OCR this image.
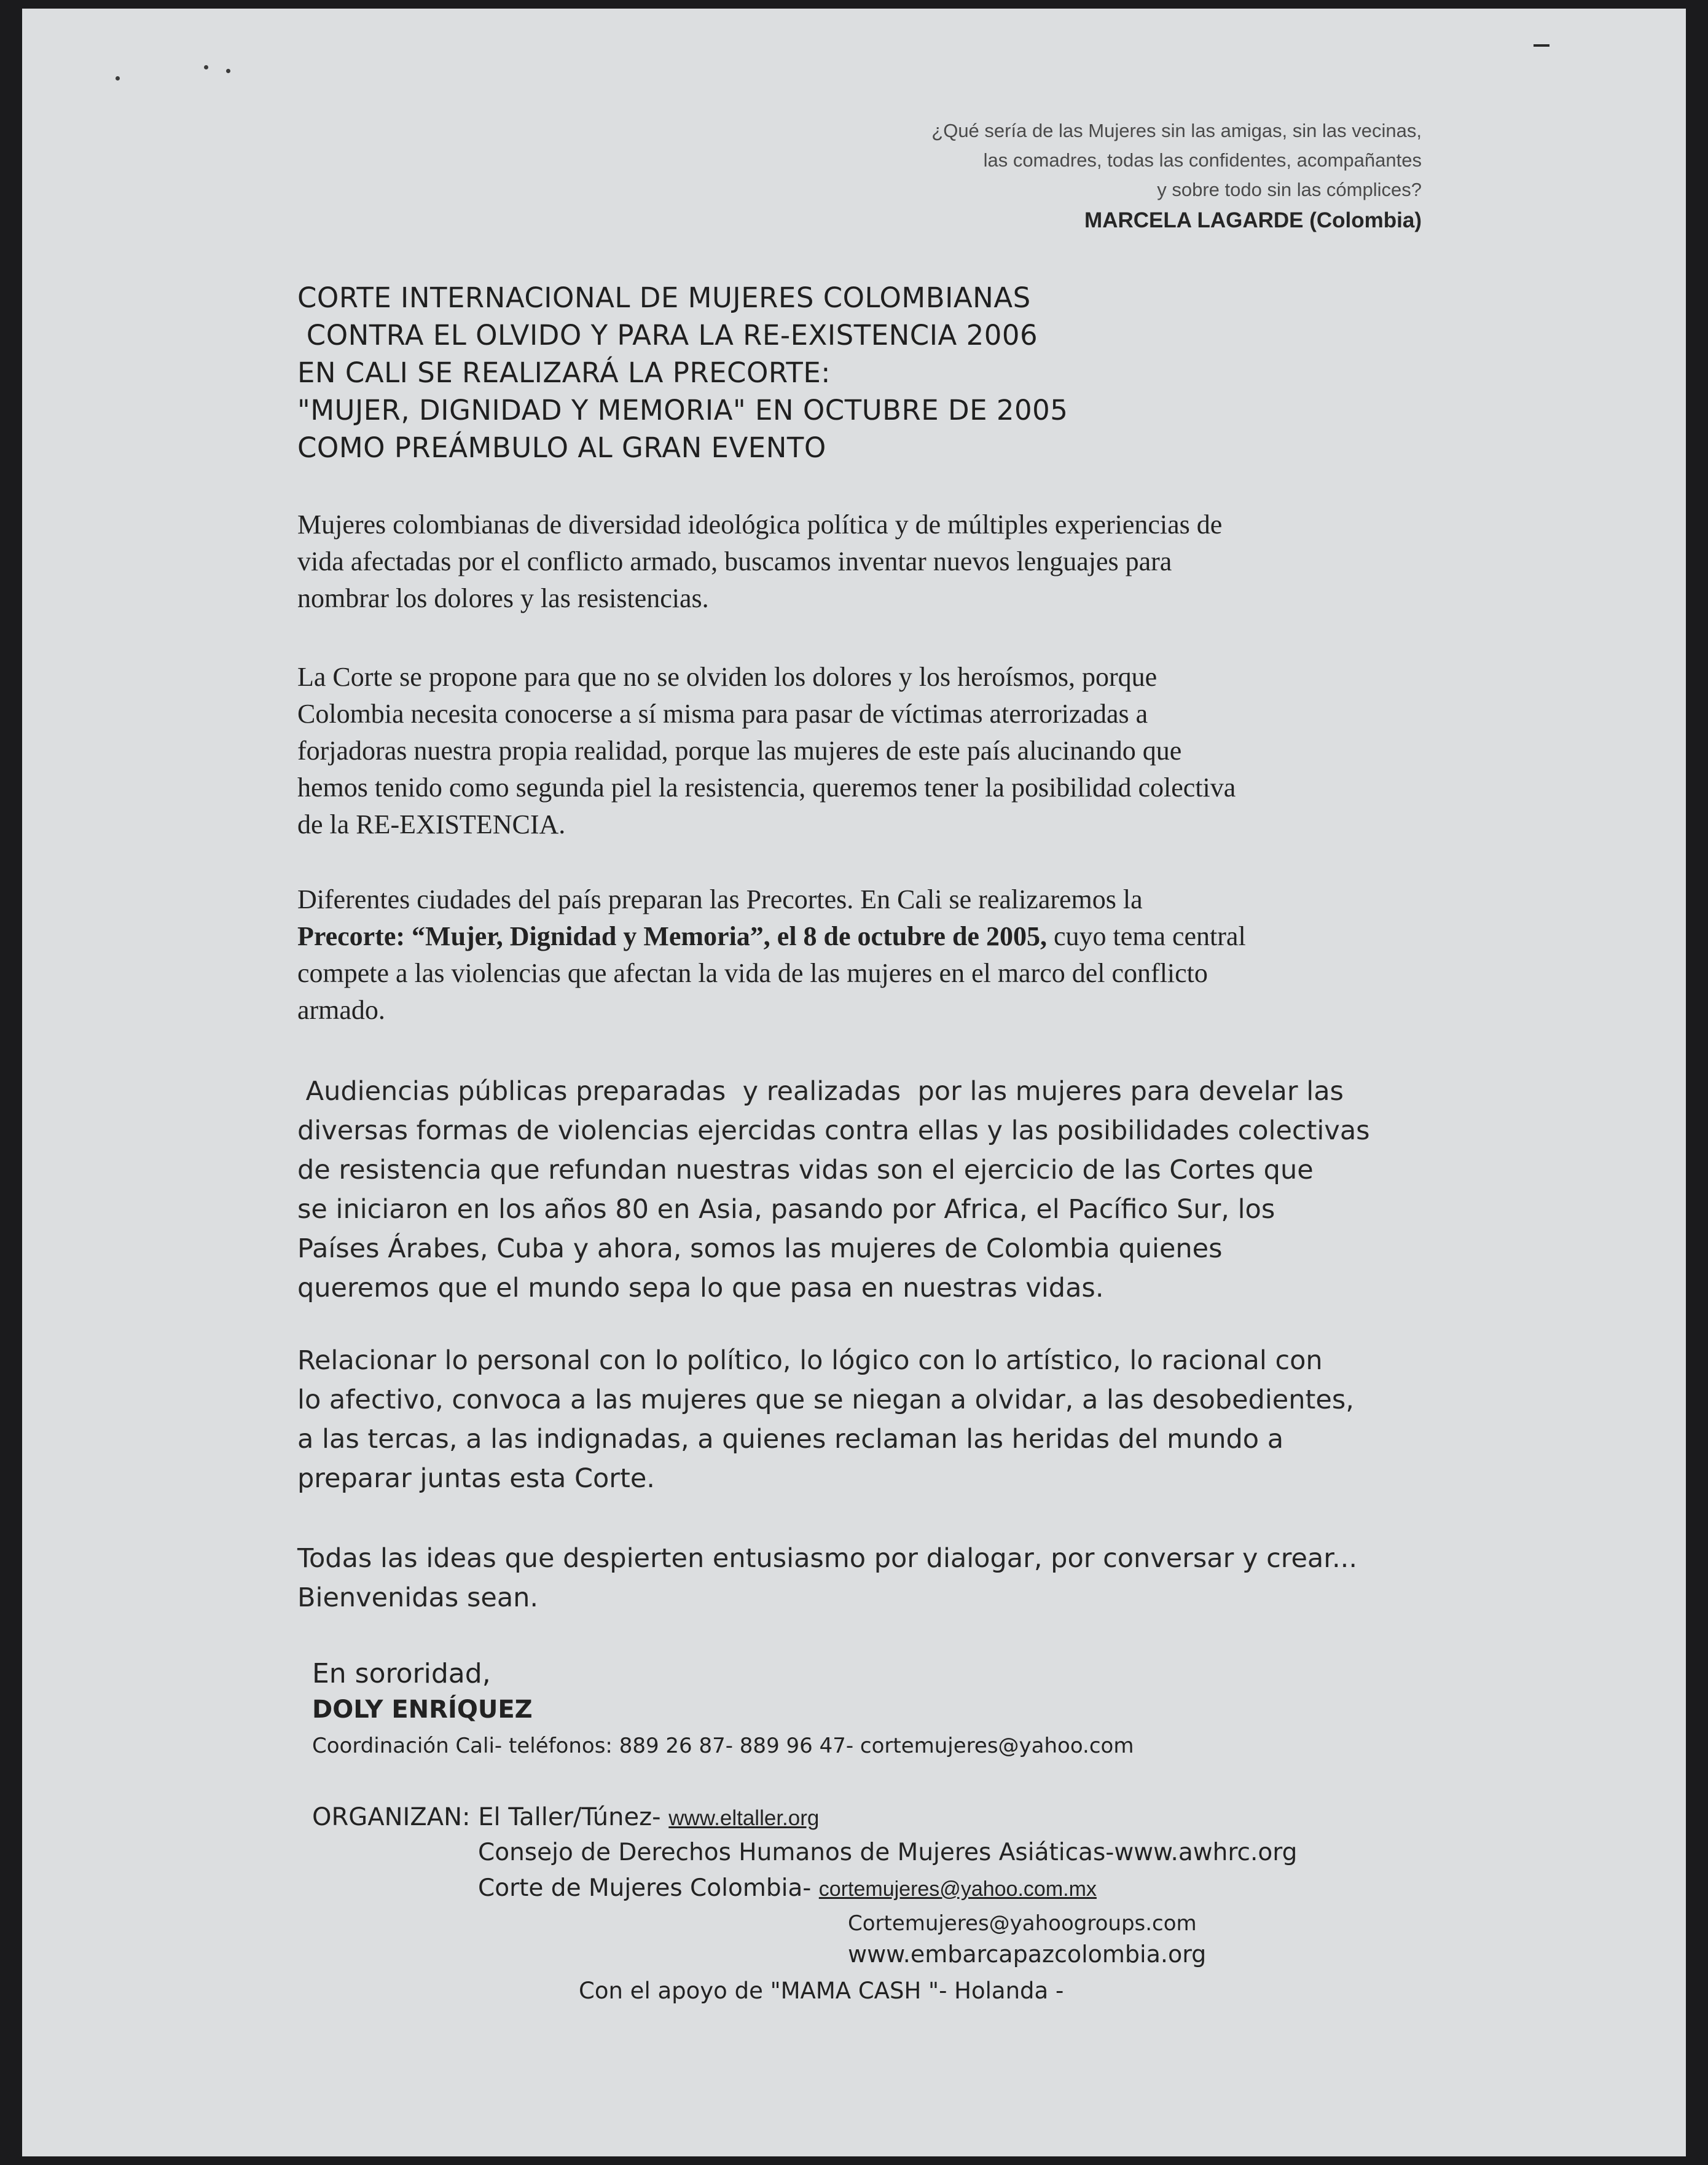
¿Qué sería de las Mujeres sin las amigas, sin las vecinas,
las comadres, todas las confidentes, acompañantes
y sobre todo sin las cómplices?
MARCELA LAGARDE (Colombia)
CORTE INTERNACIONAL DE MUJERES COLOMBIANAS
CONTRA EL OLVIDO Y PARA LA RE-EXISTENCIA 2006
EN CALI SE REALIZARÁ LA PRECORTE:
"MUJER, DIGNIDAD Y MEMORIA" EN OCTUBRE DE 2005
COMO PREÁMBULO AL GRAN EVENTO
Mujeres colombianas de diversidad ideológica política y de múltiples experiencias de
vida afectadas por el conflicto armado, buscamos inventar nuevos lenguajes para
nombrar los dolores y las resistencias.
La Corte se propone para que no se olviden los dolores y los heroísmos, porque
Colombia necesita conocerse a sí misma para pasar de víctimas aterrorizadas a
forjadoras nuestra propia realidad, porque las mujeres de este país alucinando que
hemos tenido como segunda piel la resistencia, queremos tener la posibilidad colectiva
de la RE-EXISTENCIA.
Diferentes ciudades del país preparan las Precortes. En Cali se realizaremos la
Precorte: “Mujer, Dignidad y Memoria”, el 8 de octubre de 2005, cuyo tema central
compete a las violencias que afectan la vida de las mujeres en el marco del conflicto
armado.
Audiencias públicas preparadas  y realizadas  por las mujeres para develar las
diversas formas de violencias ejercidas contra ellas y las posibilidades colectivas
de resistencia que refundan nuestras vidas son el ejercicio de las Cortes que
se iniciaron en los años 80 en Asia, pasando por Africa, el Pacífico Sur, los
Países Árabes, Cuba y ahora, somos las mujeres de Colombia quienes
queremos que el mundo sepa lo que pasa en nuestras vidas.
Relacionar lo personal con lo político, lo lógico con lo artístico, lo racional con
lo afectivo, convoca a las mujeres que se niegan a olvidar, a las desobedientes,
a las tercas, a las indignadas, a quienes reclaman las heridas del mundo a
preparar juntas esta Corte.
Todas las ideas que despierten entusiasmo por dialogar, por conversar y crear...
Bienvenidas sean.
En sororidad,
DOLY ENRÍQUEZ
Coordinación Cali- teléfonos: 889 26 87- 889 96 47- cortemujeres@yahoo.com
ORGANIZAN: El Taller/Túnez- www.eltaller.org
Consejo de Derechos Humanos de Mujeres Asiáticas-www.awhrc.org
Corte de Mujeres Colombia- cortemujeres@yahoo.com.mx
Cortemujeres@yahoogroups.com
www.embarcapazcolombia.org
Con el apoyo de "MAMA CASH "- Holanda -
